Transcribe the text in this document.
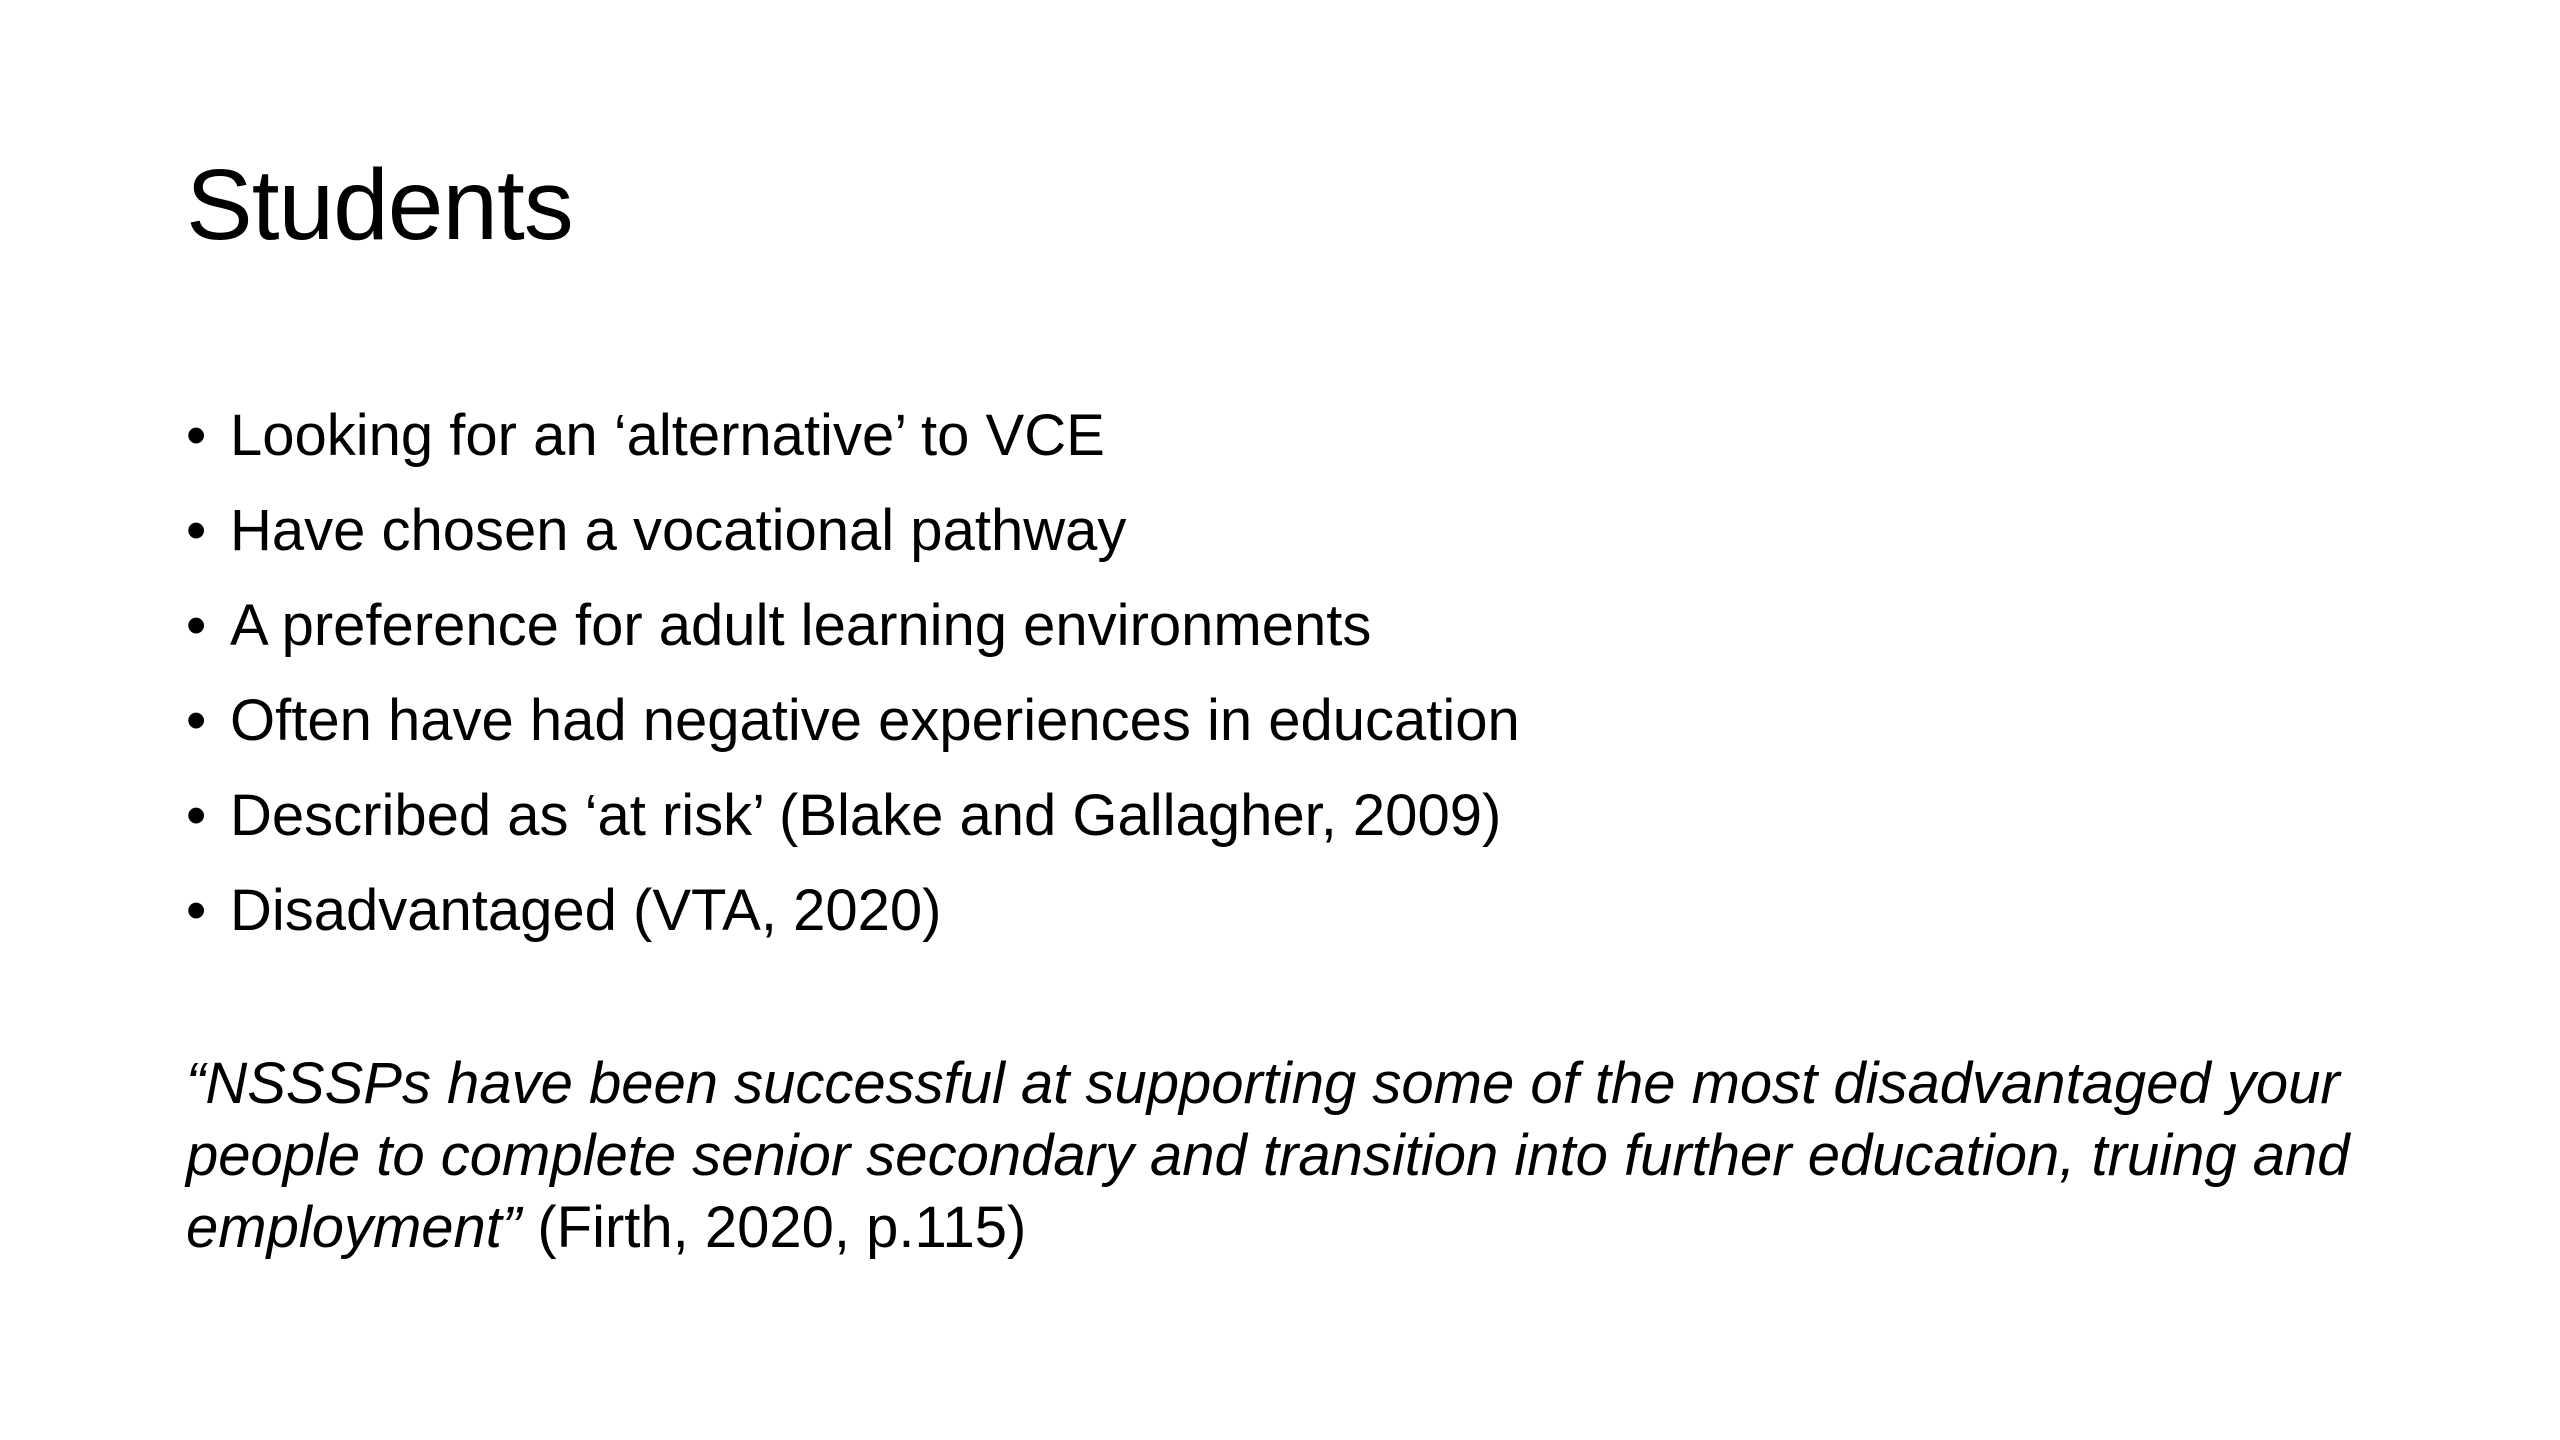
Students
• Looking for an ‘alternative’ to VCE
• Have chosen a vocational pathway
• A preference for adult learning environments
• Often have had negative experiences in education
• Described as ‘at risk’ (Blake and Gallagher, 2009)
• Disadvantaged (VTA, 2020)

“NSSSPs have been successful at supporting some of the most disadvantaged your people to complete senior secondary and transition into further education, truing and employment” (Firth, 2020, p.115)
